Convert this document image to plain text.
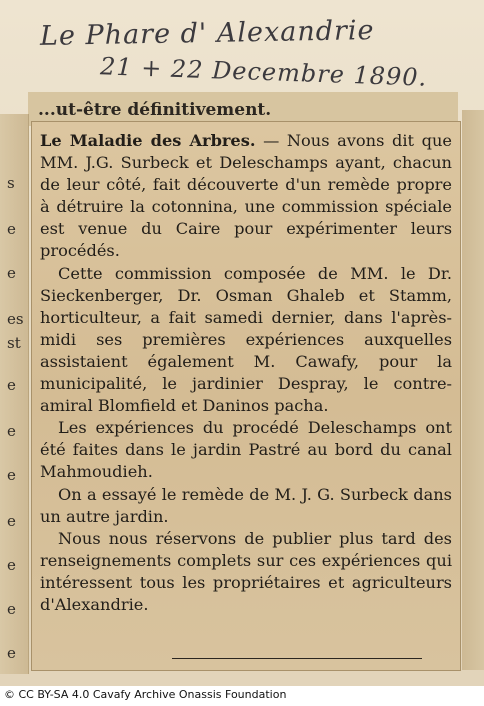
Le Phare d' Alexandrie
21 + 22 Decembre 1890.
...ut-être définitivement.
s
e
e
es
st
e
e
e
e
e
e
e

Le Maladie des Arbres. — Nous avons dit que MM. J.G. Surbeck et Deleschamps ayant, chacun de leur côté, fait découverte d'un remède propre à détruire la cotonnina, une commission spéciale est venue du Caire pour expérimenter leurs procédés.

Cette commission composée de MM. le Dr. Sieckenberger, Dr. Osman Ghaleb et Stamm, horticulteur, a fait samedi dernier, dans l'après-midi ses premières expériences auxquelles assistaient également M. Cawafy, pour la municipalité, le jardinier Despray, le contre-amiral Blomfield et Daninos pacha.

Les expériences du procédé Deleschamps ont été faites dans le jardin Pastré au bord du canal Mahmoudieh.

On a essayé le remède de M. J. G. Surbeck dans un autre jardin.

Nous nous réservons de publier plus tard des renseignements complets sur ces expériences qui intéressent tous les propriétaires et agriculteurs d'Alexandrie.

© CC BY-SA 4.0 Cavafy Archive Onassis Foundation
